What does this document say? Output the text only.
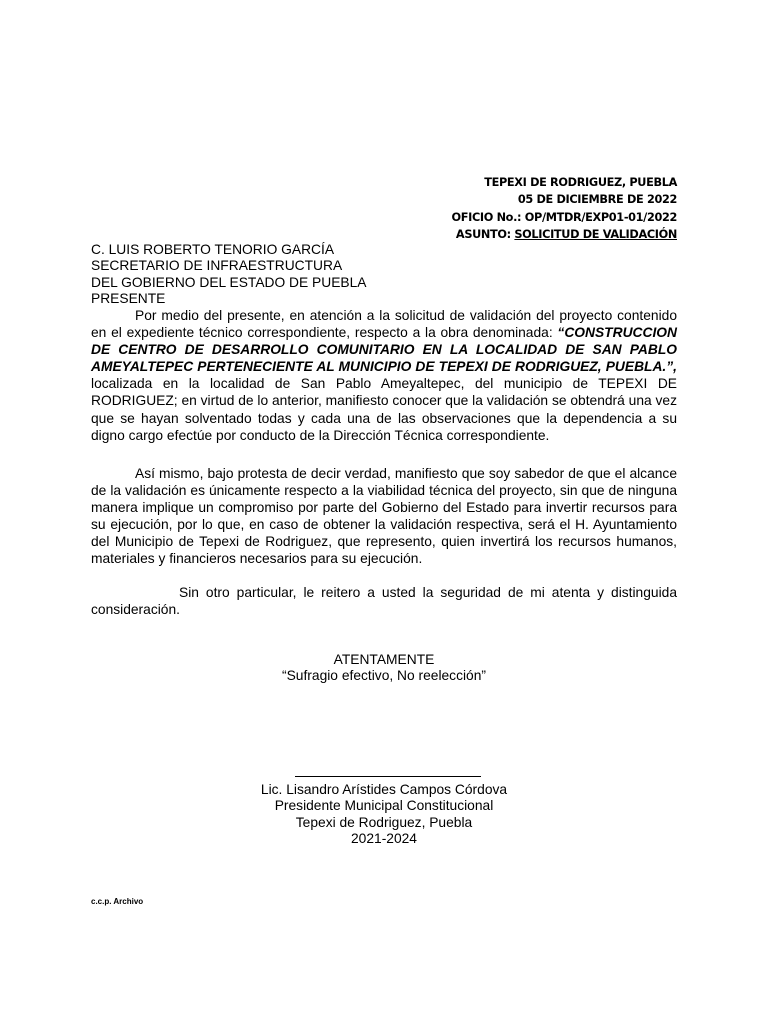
TEPEXI DE RODRIGUEZ, PUEBLA
05 DE DICIEMBRE DE 2022
OFICIO No.: OP/MTDR/EXP01-01/2022
ASUNTO: SOLICITUD DE VALIDACIÓN
C. LUIS ROBERTO TENORIO GARCÍA
SECRETARIO DE INFRAESTRUCTURA
DEL GOBIERNO DEL ESTADO DE PUEBLA
PRESENTE
Por medio del presente, en atención a la solicitud de validación del proyecto contenido en el expediente técnico correspondiente, respecto a la obra denominada: “CONSTRUCCION DE CENTRO DE DESARROLLO COMUNITARIO EN LA LOCALIDAD DE SAN PABLO AMEYALTEPEC PERTENECIENTE AL MUNICIPIO DE TEPEXI DE RODRIGUEZ, PUEBLA.”, localizada en la localidad de San Pablo Ameyaltepec, del municipio de TEPEXI DE RODRIGUEZ; en virtud de lo anterior, manifiesto conocer que la validación se obtendrá una vez que se hayan solventado todas y cada una de las observaciones que la dependencia a su digno cargo efectúe por conducto de la Dirección Técnica correspondiente.
Así mismo, bajo protesta de decir verdad, manifiesto que soy sabedor de que el alcance de la validación es únicamente respecto a la viabilidad técnica del proyecto, sin que de ninguna manera implique un compromiso por parte del Gobierno del Estado para invertir recursos para su ejecución, por lo que, en caso de obtener la validación respectiva, será el H. Ayuntamiento del Municipio de Tepexi de Rodriguez, que represento, quien invertirá los recursos humanos, materiales y financieros necesarios para su ejecución.
Sin otro particular, le reitero a usted la seguridad de mi atenta y distinguida consideración.
ATENTAMENTE
“Sufragio efectivo, No reelección”
Lic. Lisandro Arístides Campos Córdova
Presidente Municipal Constitucional
Tepexi de Rodriguez, Puebla
2021-2024
c.c.p. Archivo
